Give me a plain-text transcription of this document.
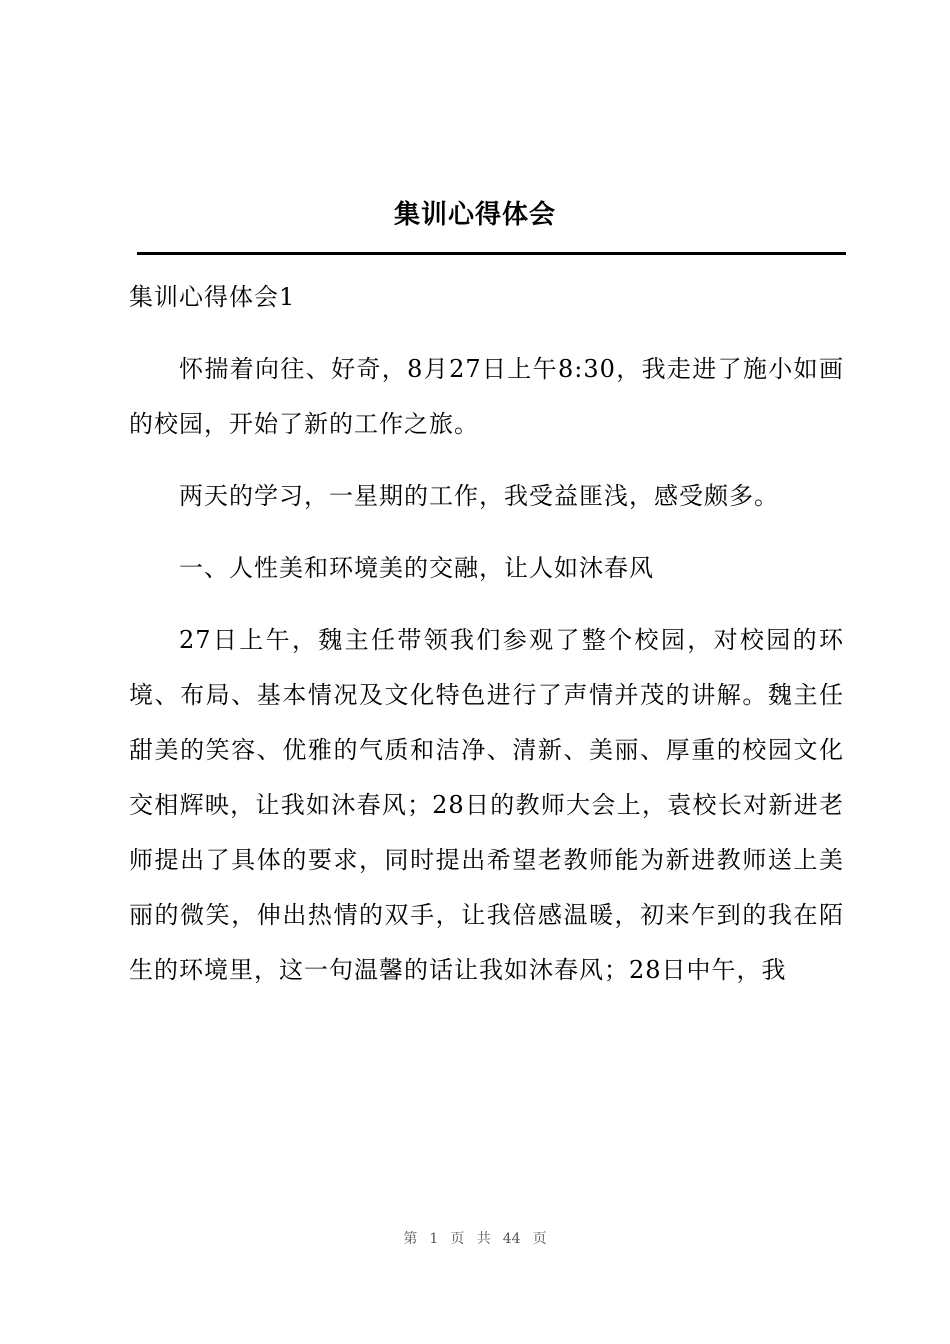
集训心得体会

集训心得体会1

怀揣着向往、好奇，8月27日上午8:30，我走进了施小如画的校园，开始了新的工作之旅。

两天的学习，一星期的工作，我受益匪浅，感受颇多。

一、人性美和环境美的交融，让人如沐春风

27日上午，魏主任带领我们参观了整个校园，对校园的环境、布局、基本情况及文化特色进行了声情并茂的讲解。魏主任甜美的笑容、优雅的气质和洁净、清新、美丽、厚重的校园文化交相辉映，让我如沐春风；28日的教师大会上，袁校长对新进老师提出了具体的要求，同时提出希望老教师能为新进教师送上美丽的微笑，伸出热情的双手，让我倍感温暖，初来乍到的我在陌生的环境里，这一句温馨的话让我如沐春风；28日中午，我

第 1 页 共 44 页
